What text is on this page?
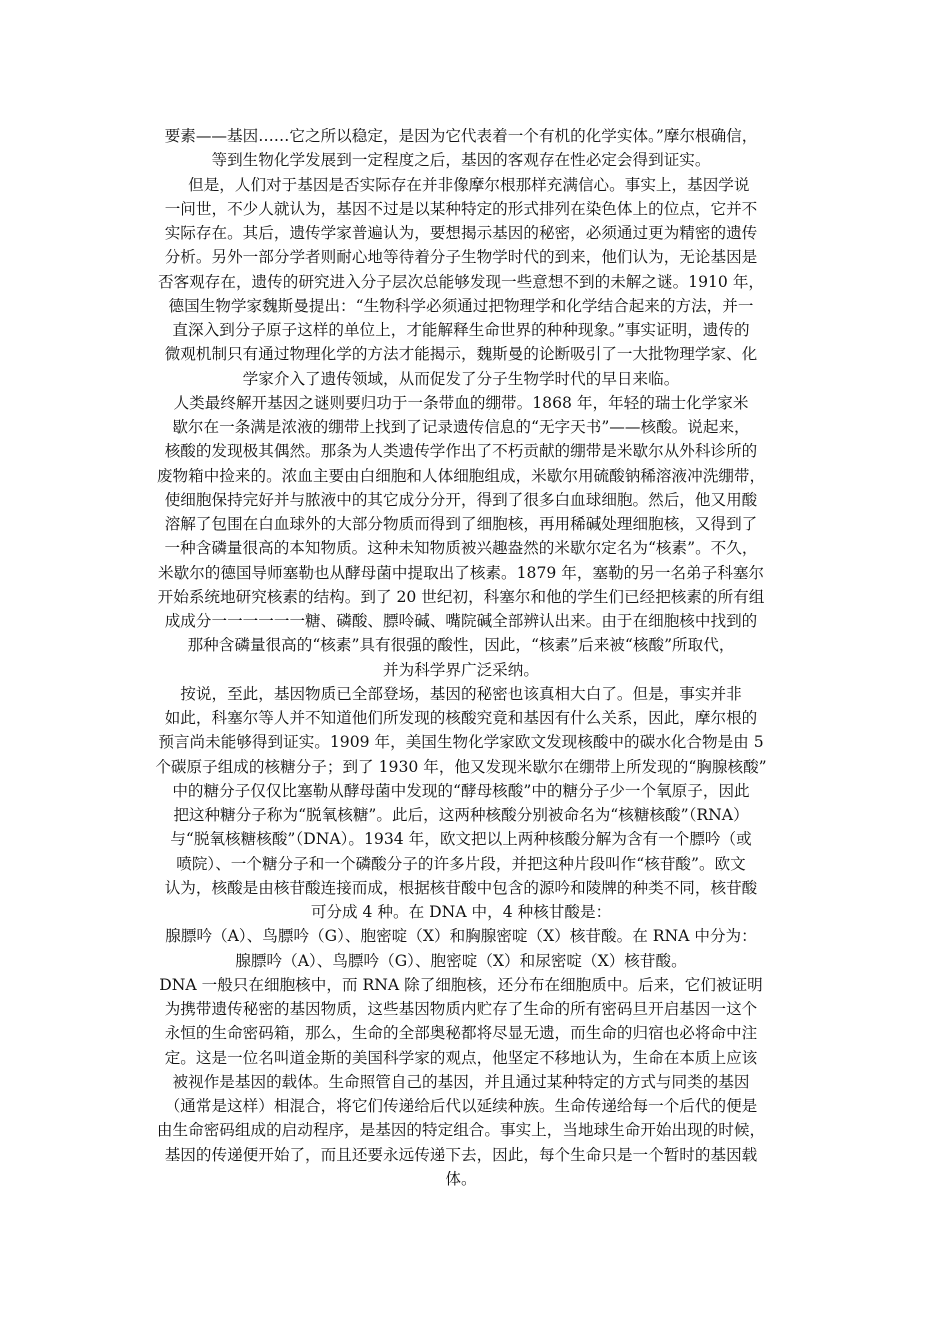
要素——基因……它之所以稳定，是因为它代表着一个有机的化学实体。”摩尔根确信，
等到生物化学发展到一定程度之后，基因的客观存在性必定会得到证实。
　但是，人们对于基因是否实际存在并非像摩尔根那样充满信心。事实上，基因学说
一问世，不少人就认为，基因不过是以某种特定的形式排列在染色体上的位点，它并不
实际存在。其后，遗传学家普遍认为，要想揭示基因的秘密，必须通过更为精密的遗传
分析。另外一部分学者则耐心地等待着分子生物学时代的到来，他们认为，无论基因是
否客观存在，遗传的研究进入分子层次总能够发现一些意想不到的未解之谜。1910 年，
德国生物学家魏斯曼提出：“生物科学必须通过把物理学和化学结合起来的方法，并一
直深入到分子原子这样的单位上，才能解释生命世界的种种现象。”事实证明，遗传的
微观机制只有通过物理化学的方法才能揭示，魏斯曼的论断吸引了一大批物理学家、化
学家介入了遗传领域，从而促发了分子生物学时代的早日来临。
人类最终解开基因之谜则要归功于一条带血的绷带。1868 年，年轻的瑞士化学家米
歇尔在一条满是浓液的绷带上找到了记录遗传信息的“无字天书”——核酸。说起来，
核酸的发现极其偶然。那条为人类遗传学作出了不朽贡献的绷带是米歇尔从外科诊所的
废物箱中捡来的。浓血主要由白细胞和人体细胞组成，米歇尔用硫酸钠稀溶液冲洗绷带，
使细胞保持完好并与脓液中的其它成分分开，得到了很多白血球细胞。然后，他又用酸
溶解了包围在白血球外的大部分物质而得到了细胞核，再用稀碱处理细胞核，又得到了
一种含磷量很高的本知物质。这种未知物质被兴趣盎然的米歇尔定名为“核素”。不久，
米歇尔的德国导师塞勒也从酵母菌中提取出了核素。1879 年，塞勒的另一名弟子科塞尔
开始系统地研究核素的结构。到了 20 世纪初，科塞尔和他的学生们已经把核素的所有组
成成分一一一一一一糖、磷酸、膘呤碱、嘴院碱全部辨认出来。由于在细胞核中找到的
那种含磷量很高的“核素”具有很强的酸性，因此，“核素”后来被“核酸”所取代，
并为科学界广泛采纳。
按说，至此，基因物质已全部登场，基因的秘密也该真相大白了。但是，事实并非
如此，科塞尔等人并不知道他们所发现的核酸究竟和基因有什么关系，因此，摩尔根的
预言尚未能够得到证实。1909 年，美国生物化学家欧文发现核酸中的碳水化合物是由 5
个碳原子组成的核糖分子；到了 1930 年，他又发现米歇尔在绷带上所发现的“胸腺核酸”
中的糖分子仅仅比塞勒从酵母菌中发现的“酵母核酸”中的糖分子少一个氧原子，因此
把这种糖分子称为“脱氧核糖”。此后，这两种核酸分别被命名为“核糖核酸”（RNA）
与“脱氧核糖核酸”（DNA）。1934 年，欧文把以上两种核酸分解为含有一个膘吟（或
喷院）、一个糖分子和一个磷酸分子的许多片段，并把这种片段叫作“核苷酸”。欧文
认为，核酸是由核苷酸连接而成，根据核苷酸中包含的源吟和陵牌的种类不同，核苷酸
可分成 4 种。在 DNA 中，4 种核甘酸是：
腺膘吟（A）、鸟膘吟（G）、胞密啶（X）和胸腺密啶（X）核苷酸。在 RNA 中分为：
腺膘吟（A）、鸟膘吟（G）、胞密啶（X）和尿密啶（X）核苷酸。
DNA 一般只在细胞核中，而 RNA 除了细胞核，还分布在细胞质中。后来，它们被证明
为携带遗传秘密的基因物质，这些基因物质内贮存了生命的所有密码旦开启基因一这个
永恒的生命密码箱，那么，生命的全部奥秘都将尽显无遗，而生命的归宿也必将命中注
定。这是一位名叫道金斯的美国科学家的观点，他坚定不移地认为，生命在本质上应该
被视作是基因的载体。生命照管自己的基因，并且通过某种特定的方式与同类的基因
（通常是这样）相混合，将它们传递给后代以延续种族。生命传递给每一个后代的便是
由生命密码组成的启动程序，是基因的特定组合。事实上，当地球生命开始出现的时候，
基因的传递便开始了，而且还要永远传递下去，因此，每个生命只是一个暂时的基因载
体。
